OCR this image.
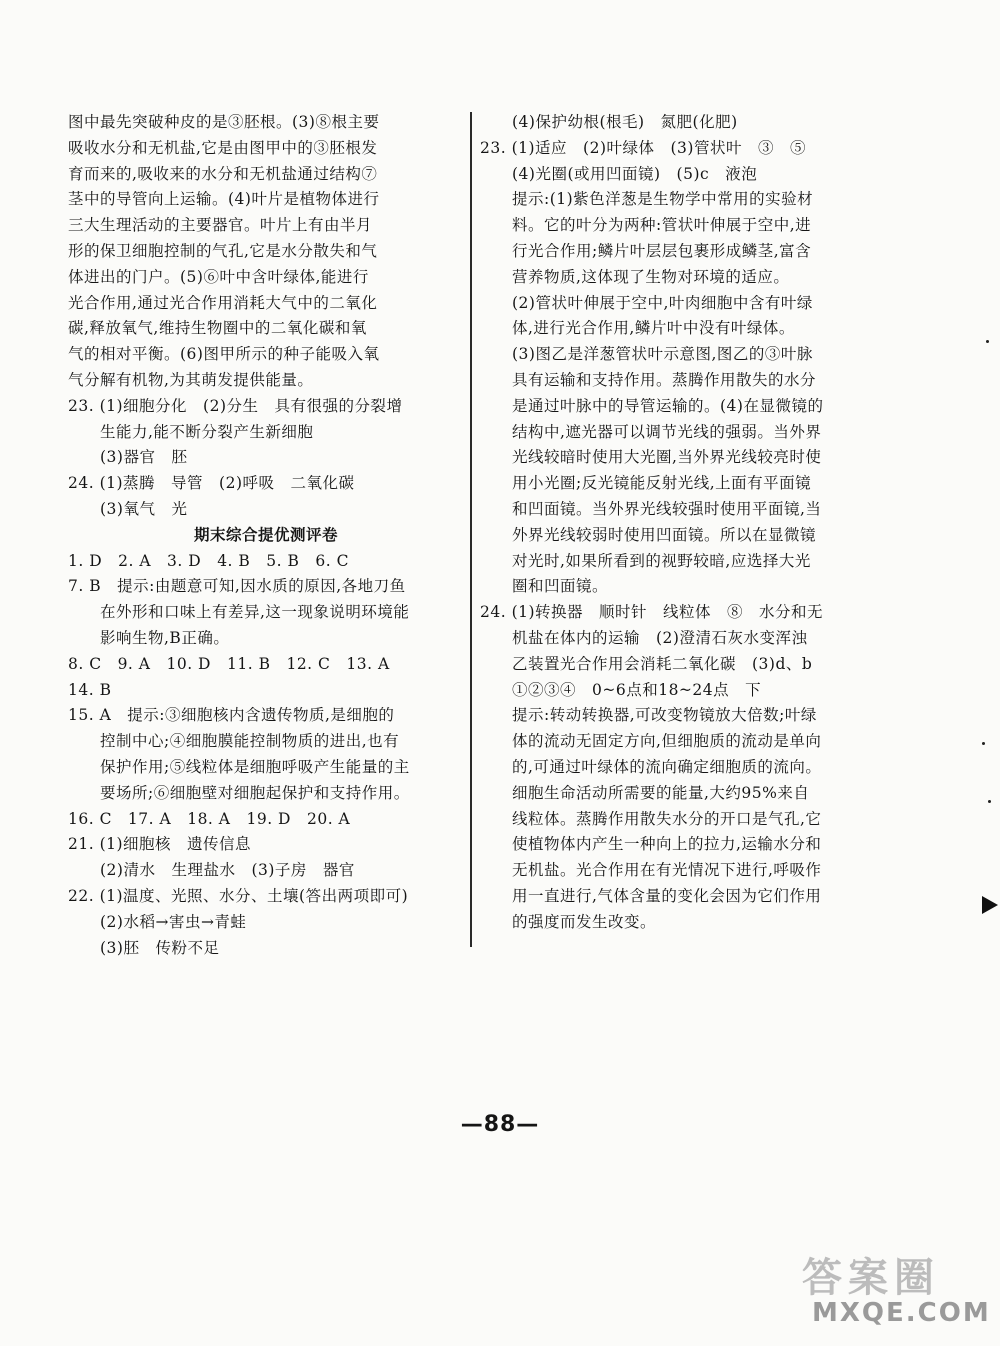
图中最先突破种皮的是③胚根。(3)⑧根主要
吸收水分和无机盐,它是由图甲中的③胚根发
育而来的,吸收来的水分和无机盐通过结构⑦
茎中的导管向上运输。(4)叶片是植物体进行
三大生理活动的主要器官。叶片上有由半月
形的保卫细胞控制的气孔,它是水分散失和气
体进出的门户。(5)⑥叶中含叶绿体,能进行
光合作用,通过光合作用消耗大气中的二氧化
碳,释放氧气,维持生物圈中的二氧化碳和氧
气的相对平衡。(6)图甲所示的种子能吸入氧
气分解有机物,为其萌发提供能量。
23. (1)细胞分化　(2)分生　具有很强的分裂增
　　生能力,能不断分裂产生新细胞
　　(3)器官　胚
24. (1)蒸腾　导管　(2)呼吸　二氧化碳
　　(3)氧气　光
期末综合提优测评卷
1. D　2. A　3. D　4. B　5. B　6. C
7. B　提示:由题意可知,因水质的原因,各地刀鱼
　　在外形和口味上有差异,这一现象说明环境能
　　影响生物,B正确。
8. C　9. A　10. D　11. B　12. C　13. A
14. B
15. A　提示:③细胞核内含遗传物质,是细胞的
　　控制中心;④细胞膜能控制物质的进出,也有
　　保护作用;⑤线粒体是细胞呼吸产生能量的主
　　要场所;⑥细胞壁对细胞起保护和支持作用。
16. C　17. A　18. A　19. D　20. A
21. (1)细胞核　遗传信息
　　(2)清水　生理盐水　(3)子房　器官
22. (1)温度、光照、水分、土壤(答出两项即可)
　　(2)水稻→害虫→青蛙
　　(3)胚　传粉不足
　　(4)保护幼根(根毛)　氮肥(化肥)
23. (1)适应　(2)叶绿体　(3)管状叶　③　⑤
　　(4)光圈(或用凹面镜)　(5)c　液泡
　　提示:(1)紫色洋葱是生物学中常用的实验材
　　料。它的叶分为两种:管状叶伸展于空中,进
　　行光合作用;鳞片叶层层包裹形成鳞茎,富含
　　营养物质,这体现了生物对环境的适应。
　　(2)管状叶伸展于空中,叶肉细胞中含有叶绿
　　体,进行光合作用,鳞片叶中没有叶绿体。
　　(3)图乙是洋葱管状叶示意图,图乙的③叶脉
　　具有运输和支持作用。蒸腾作用散失的水分
　　是通过叶脉中的导管运输的。(4)在显微镜的
　　结构中,遮光器可以调节光线的强弱。当外界
　　光线较暗时使用大光圈,当外界光线较亮时使
　　用小光圈;反光镜能反射光线,上面有平面镜
　　和凹面镜。当外界光线较强时使用平面镜,当
　　外界光线较弱时使用凹面镜。所以在显微镜
　　对光时,如果所看到的视野较暗,应选择大光
　　圈和凹面镜。
24. (1)转换器　顺时针　线粒体　⑧　水分和无
　　机盐在体内的运输　(2)澄清石灰水变浑浊
　　乙装置光合作用会消耗二氧化碳　(3)d、b
　　①②③④　0~6点和18~24点　下
　　提示:转动转换器,可改变物镜放大倍数;叶绿
　　体的流动无固定方向,但细胞质的流动是单向
　　的,可通过叶绿体的流向确定细胞质的流向。
　　细胞生命活动所需要的能量,大约95%来自
　　线粒体。蒸腾作用散失水分的开口是气孔,它
　　使植物体内产生一种向上的拉力,运输水分和
　　无机盐。光合作用在有光情况下进行,呼吸作
　　用一直进行,气体含量的变化会因为它们作用
　　的强度而发生改变。
—88—
答案圈
MXQE.COM
